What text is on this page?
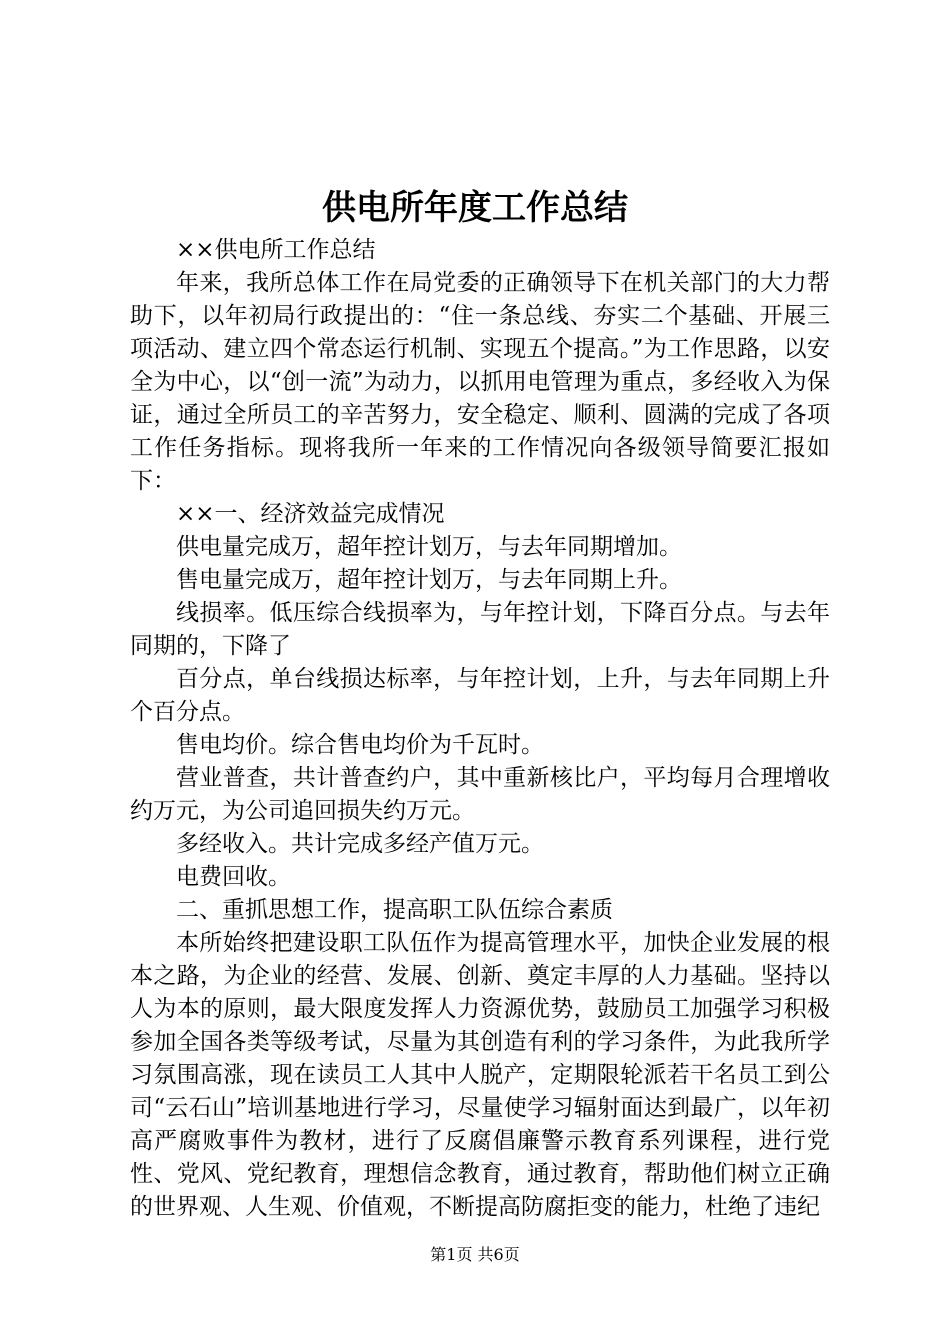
供电所年度工作总结

××供电所工作总结

年来，我所总体工作在局党委的正确领导下在机关部门的大力帮助下，以年初局行政提出的：“住一条总线、夯实二个基础、开展三项活动、建立四个常态运行机制、实现五个提高。”为工作思路，以安全为中心，以“创一流”为动力，以抓用电管理为重点，多经收入为保证，通过全所员工的辛苦努力，安全稳定、顺利、圆满的完成了各项工作任务指标。现将我所一年来的工作情况向各级领导简要汇报如下：

××一、经济效益完成情况

供电量完成万，超年控计划万，与去年同期增加。

售电量完成万，超年控计划万，与去年同期上升。

线损率。低压综合线损率为，与年控计划，下降百分点。与去年同期的，下降了

百分点，单台线损达标率，与年控计划，上升，与去年同期上升个百分点。

售电均价。综合售电均价为千瓦时。

营业普查，共计普查约户，其中重新核比户，平均每月合理增收约万元，为公司追回损失约万元。

多经收入。共计完成多经产值万元。

电费回收。

二、重抓思想工作，提高职工队伍综合素质

本所始终把建设职工队伍作为提高管理水平，加快企业发展的根本之路，为企业的经营、发展、创新、奠定丰厚的人力基础。坚持以人为本的原则，最大限度发挥人力资源优势，鼓励员工加强学习积极参加全国各类等级考试，尽量为其创造有利的学习条件，为此我所学习氛围高涨，现在读员工人其中人脱产，定期限轮派若干名员工到公司“云石山”培训基地进行学习，尽量使学习辐射面达到最广，以年初高严腐败事件为教材，进行了反腐倡廉警示教育系列课程，进行党性、党风、党纪教育，理想信念教育，通过教育，帮助他们树立正确的世界观、人生观、价值观，不断提高防腐拒变的能力，杜绝了违纪

第1页 共6页
